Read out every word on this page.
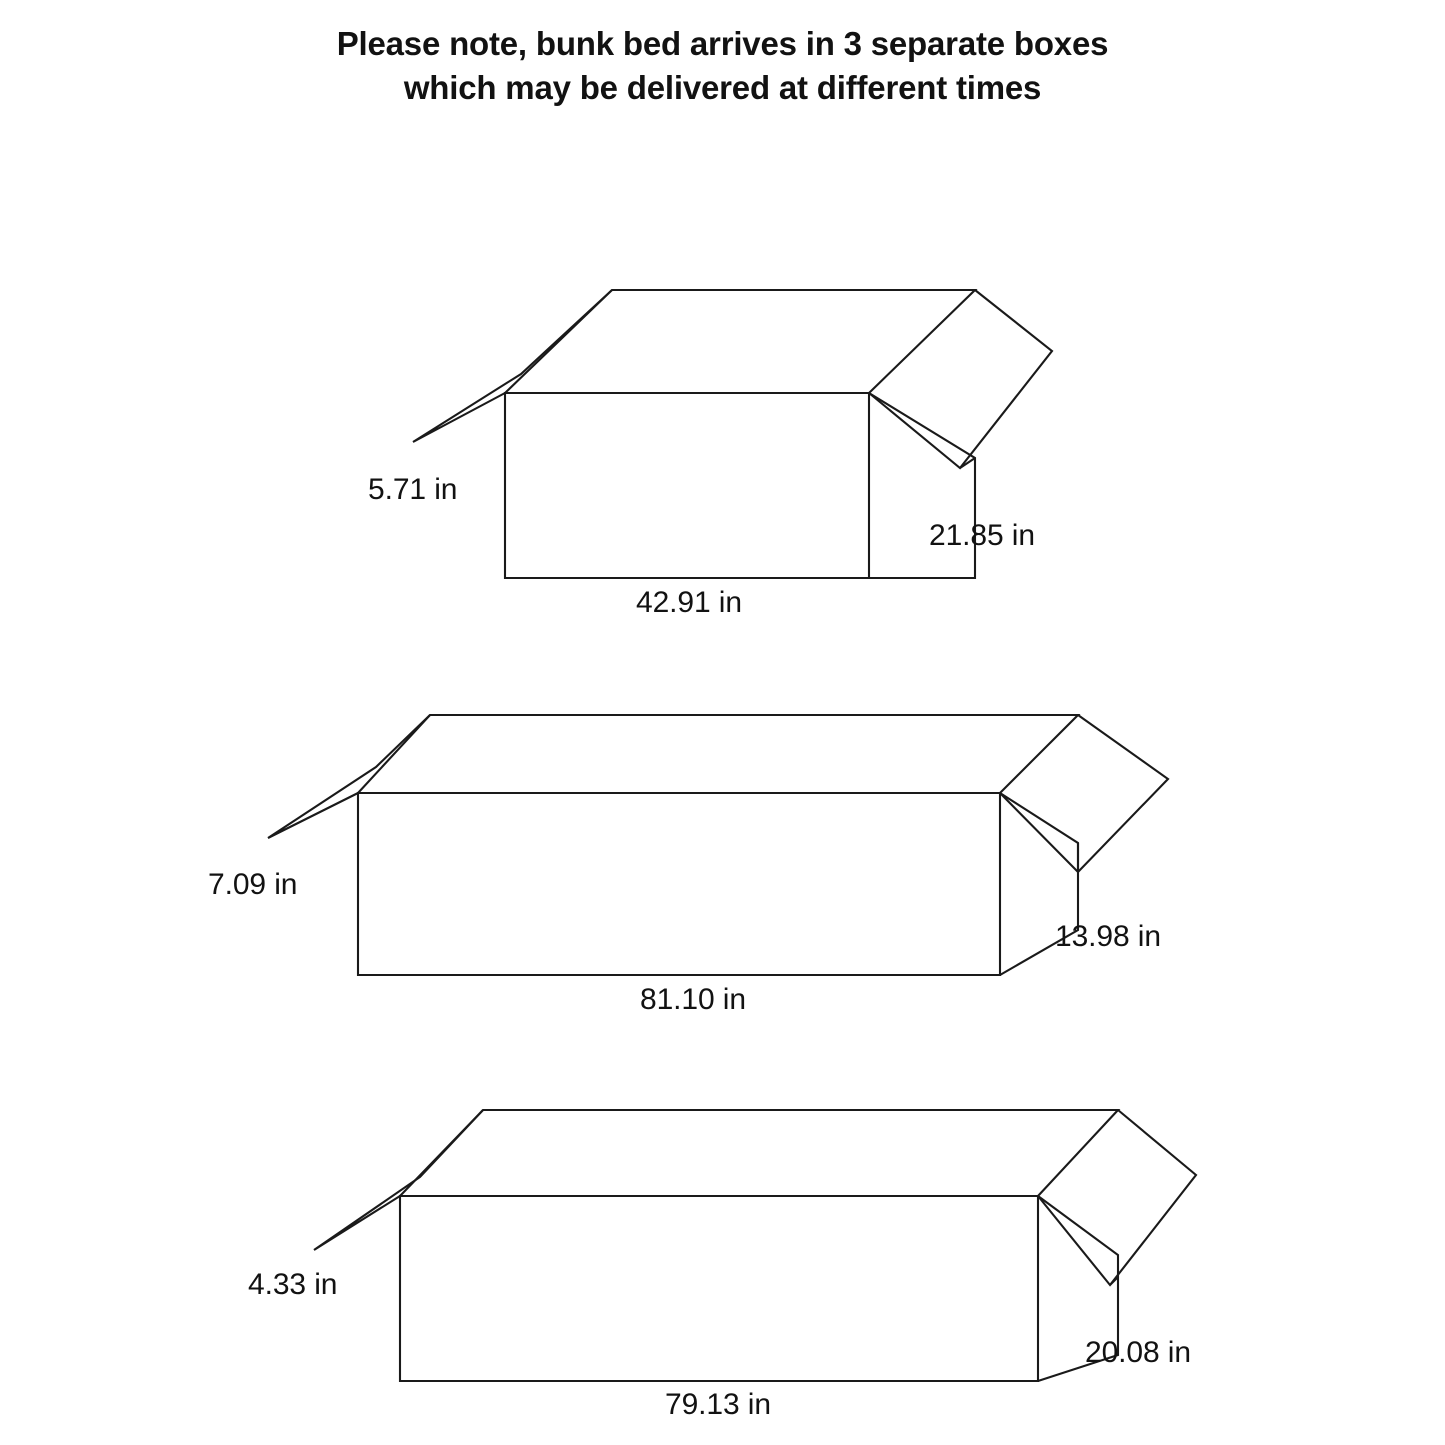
Please note, bunk bed arrives in 3 separate boxes
which may be delivered at different times
5.71 in
21.85 in
42.91 in
7.09 in
13.98 in
81.10 in
4.33 in
20.08 in
79.13 in
